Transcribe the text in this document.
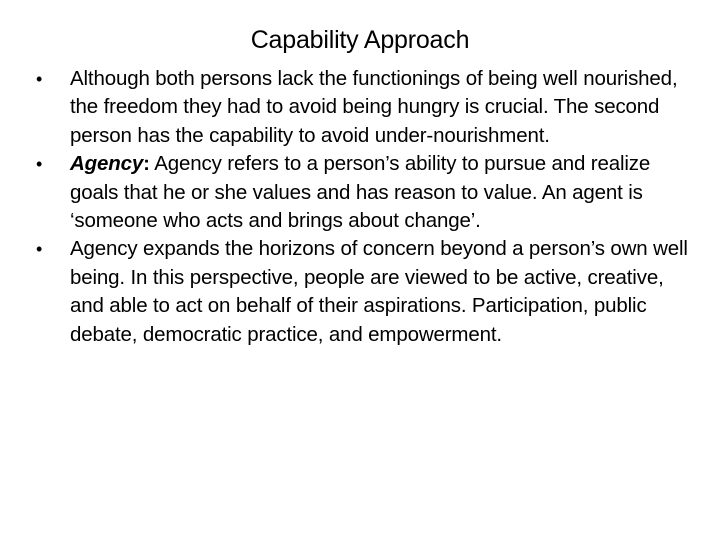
Capability Approach
•	Although both persons lack the functionings of being well nourished, the freedom they had to avoid being hungry is crucial. The second person has the capability to avoid under-nourishment.
•	Agency: Agency refers to a person’s ability to pursue and realize goals that he or she values and has reason to value. An agent is ‘someone who acts and brings about change’.
•	Agency expands the horizons of concern beyond a person’s own well being. In this perspective, people are viewed to be active, creative, and able to act on behalf of their aspirations. Participation, public debate, democratic practice, and empowerment.
